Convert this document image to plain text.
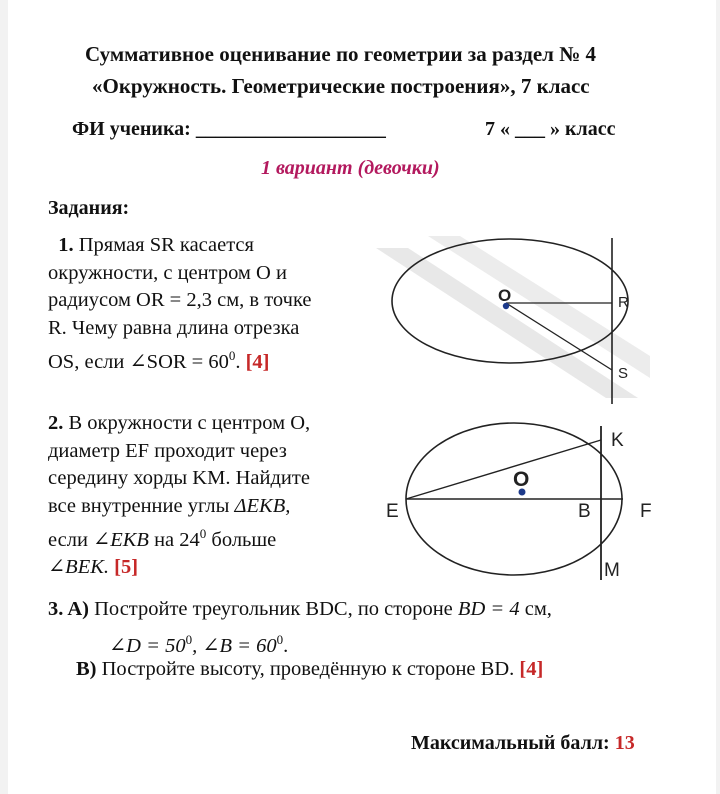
Суммативное оценивание по геометрии за раздел № 4
«Окружность. Геометрические построения», 7 класс
ФИ ученика: ___________________	7 « ___ » класс
1 вариант (девочки)
Задания:
1. Прямая SR касается
окружности, с центром O и
радиусом OR = 2,3 см, в точке
R. Чему равна длина отрезка
OS, если ∠SOR = $60^0$. [4]
O	R
S
2. В окружности с центром O,
диаметр EF проходит через
середину хорды KM. Найдите
все внутренние углы ΔEKB,
если ∠EKB на $24^0$ больше
∠BEK. [5]
O
K
E	B	F
M
3. A) Постройте треугольник BDC, по стороне BD = 4 см,
∠D = $50^0$, ∠B = $60^0$.
B) Постройте высоту, проведённую к стороне BD. [4]
Максимальный балл: 13
